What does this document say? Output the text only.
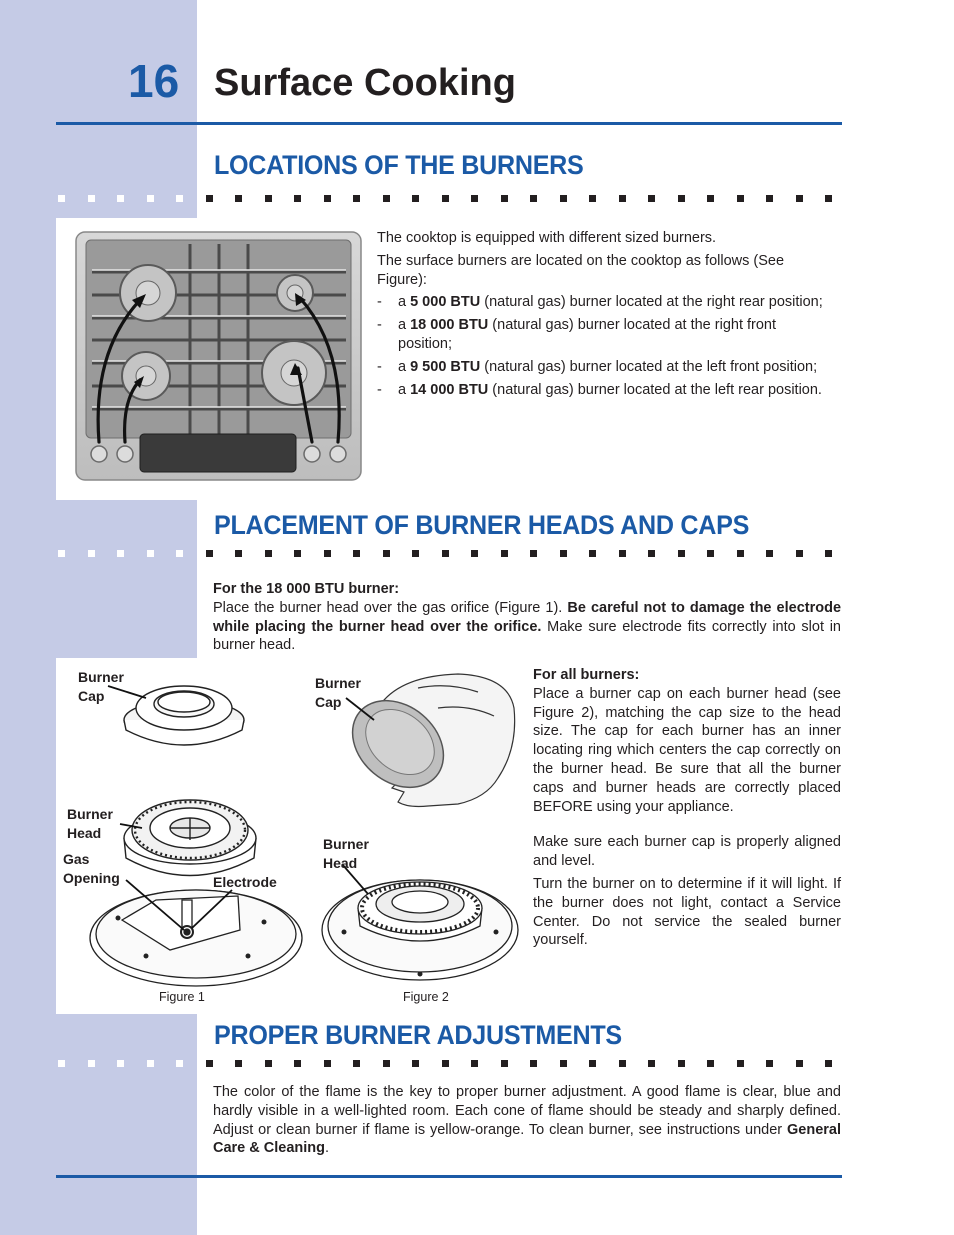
16 Surface Cooking
LOCATIONS OF THE BURNERS

The cooktop is equipped with different sized burners.

The surface burners are located on the cooktop as follows (See Figure):

- a 5 000 BTU (natural gas) burner located at the right rear position;
- a 18 000 BTU (natural gas) burner located at the right front position;
- a 9 500 BTU (natural gas) burner located at the left front position;
- a 14 000 BTU (natural gas) burner located at the left rear position.
PLACEMENT OF BURNER HEADS AND CAPS

For the 18 000 BTU burner:

Place the burner head over the gas orifice (Figure 1). Be careful not to damage the electrode while placing the burner head over the orifice. Make sure electrode fits correctly into slot in burner head.

Burner
Cap
Burner
Head
Gas
Opening	Electrode
Figure 1
Burner
Cap
Burner
Head
Figure 2

For all burners:

Place a burner cap on each burner head (see Figure 2), matching the cap size to the head size. The cap for each burner has an inner locating ring which centers the cap correctly on the burner head. Be sure that all the burner caps and burner heads are correctly placed BEFORE using your appliance.

Make sure each burner cap is properly aligned and level.

Turn the burner on to determine if it will light. If the burner does not light, contact a Service Center. Do not service the sealed burner yourself.

PROPER BURNER ADJUSTMENTS

The color of the flame is the key to proper burner adjustment. A good flame is clear, blue and hardly visible in a well-lighted room. Each cone of flame should be steady and sharply defined. Adjust or clean burner if flame is yellow-orange. To clean burner, see instructions under General Care & Cleaning.
